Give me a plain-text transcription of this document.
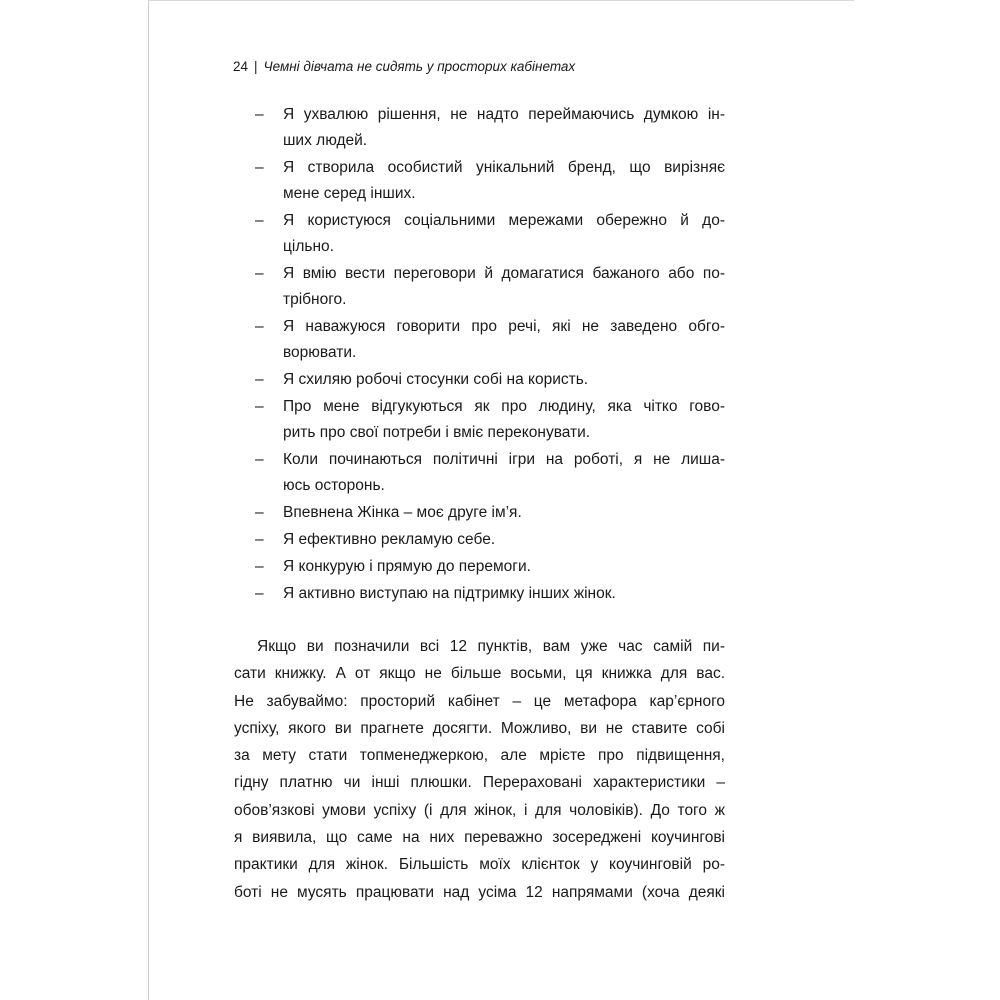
24 | Чемні дівчата не сидять у просторих кабінетах
– Я ухвалюю рішення, не надто переймаючись думкою ін-
ших людей.
– Я створила особистий унікальний бренд, що вирізняє
мене серед інших.
– Я користуюся соціальними мережами обережно й до-
цільно.
– Я вмію вести переговори й домагатися бажаного або по-
трібного.
– Я наважуюся говорити про речі, які не заведено обго-
ворювати.
– Я схиляю робочі стосунки собі на користь.
– Про мене відгукуються як про людину, яка чітко гово-
рить про свої потреби і вміє переконувати.
– Коли починаються політичні ігри на роботі, я не лиша-
юсь осторонь.
– Впевнена Жінка – моє друге ім’я.
– Я ефективно рекламую себе.
– Я конкурую і прямую до перемоги.
– Я активно виступаю на підтримку інших жінок.
Якщо ви позначили всі 12 пунктів, вам уже час самій пи-
сати книжку. А от якщо не більше восьми, ця книжка для вас.
Не забуваймо: просторий кабінет – це метафора кар’єрного
успіху, якого ви прагнете досягти. Можливо, ви не ставите собі
за мету стати топменеджеркою, але мрієте про підвищення,
гідну платню чи інші плюшки. Перераховані характеристики –
обов’язкові умови успіху (і для жінок, і для чоловіків). До того ж
я виявила, що саме на них переважно зосереджені коучингові
практики для жінок. Більшість моїх клієнток у коучинговій ро-
боті не мусять працювати над усіма 12 напрямами (хоча деякі
